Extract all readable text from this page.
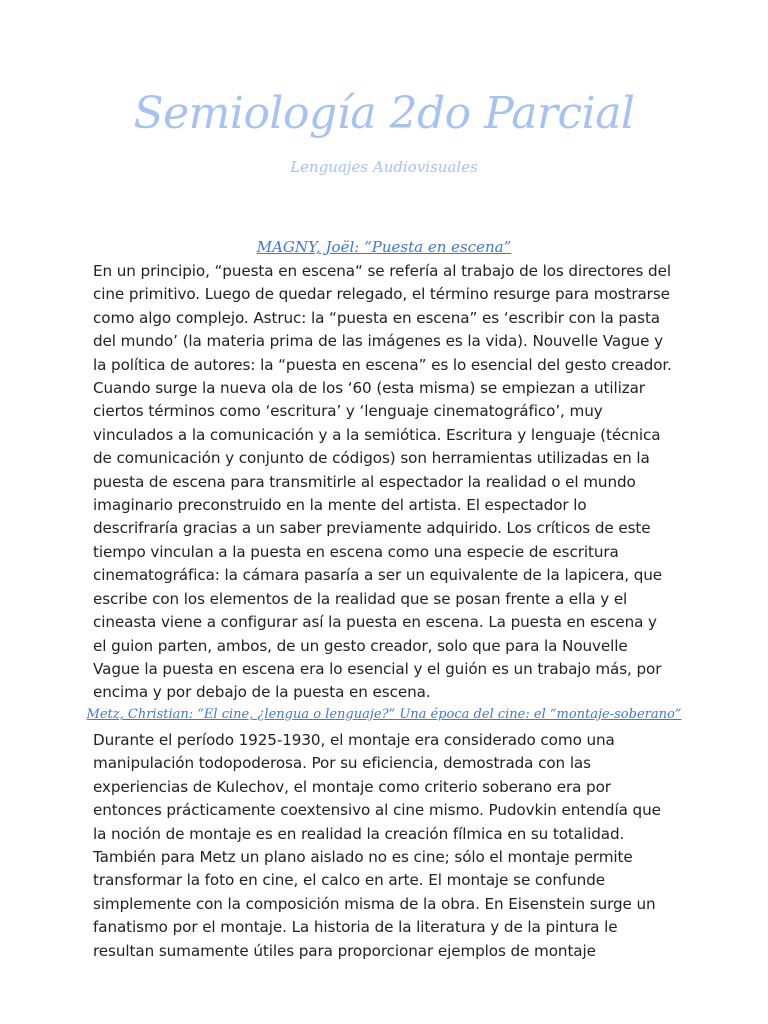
Semiología 2do Parcial
Lenguajes Audiovisuales
MAGNY, Joël: “Puesta en escena”
En un principio, “puesta en escena“ se refería al trabajo de los directores del cine primitivo. Luego de quedar relegado, el término resurge para mostrarse como algo complejo. Astruc: la “puesta en escena” es ‘escribir con la pasta del mundo’ (la materia prima de las imágenes es la vida). Nouvelle Vague y la política de autores: la “puesta en escena” es lo esencial del gesto creador. Cuando surge la nueva ola de los ‘60 (esta misma) se empiezan a utilizar ciertos términos como ‘escritura’ y ‘lenguaje cinematográfico’, muy vinculados a la comunicación y a la semiótica. Escritura y lenguaje (técnica de comunicación y conjunto de códigos) son herramientas utilizadas en la puesta de escena para transmitirle al espectador la realidad o el mundo imaginario preconstruido en la mente del artista. El espectador lo descrifraría gracias a un saber previamente adquirido. Los críticos de este tiempo vinculan a la puesta en escena como una especie de escritura cinematográfica: la cámara pasaría a ser un equivalente de la lapicera, que escribe con los elementos de la realidad que se posan frente a ella y el cineasta viene a configurar así la puesta en escena. La puesta en escena y el guion parten, ambos, de un gesto creador, solo que para la Nouvelle Vague la puesta en escena era lo esencial y el guión es un trabajo más, por encima y por debajo de la puesta en escena.
Metz, Christian: “El cine, ¿lengua o lenguaje?” Una época del cine: el “montaje-soberano”
Durante el período 1925-1930, el montaje era considerado como una manipulación todopoderosa. Por su eficiencia, demostrada con las experiencias de Kulechov, el montaje como criterio soberano era por entonces prácticamente coextensivo al cine mismo. Pudovkin entendía que la noción de montaje es en realidad la creación fílmica en su totalidad. También para Metz un plano aislado no es cine; sólo el montaje permite transformar la foto en cine, el calco en arte. El montaje se confunde simplemente con la composición misma de la obra. En Eisenstein surge un fanatismo por el montaje. La historia de la literatura y de la pintura le resultan sumamente útiles para proporcionar ejemplos de montaje
